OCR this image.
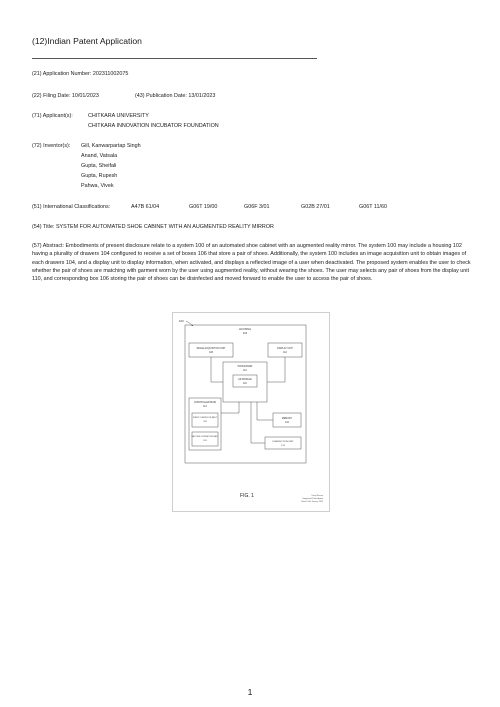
(12)Indian Patent Application
(21) Application Number: 202311002075
(22) Filing Date: 10/01/2023	(43) Publication Date: 13/01/2023
(71) Applicant(s):	CHITKARA UNIVERSITY
CHITKARA INNOVATION INCUBATOR FOUNDATION
(72) Inventor(s): Gill, Kanwarpartap Singh
Anand, Vatsala
Gupta, Sheifali
Gupta, Rupesh
Pahwa, Vivek
(51) International Classifications:	A47B 61/04	G06T 19/00	G06F 3/01	G02B 27/01	G06T 11/60
(54) Title: SYSTEM FOR AUTOMATED SHOE CABINET WITH AN AUGMENTED REALITY MIRROR
(57) Abstract: Embodiments of present disclosure relate to a system 100 of an automated shoe cabinet with an augmented reality mirror. The system 100 may include a housing 102 having a plurality of drawers 104 configured to receive a set of boxes 106 that store a pair of shoes. Additionally, the system 100 includes an image acquisition unit to obtain images of each drawers 104, and a display unit to display information, when activated, and displays a reflected image of a user when deactivated. The proposed system enables the user to check whether the pair of shoes are matching with garment worn by the user using augmented reality, without wearing the shoes. The user may selects any pair of shoes from the display unit 110, and corresponding box 106 storing the pair of shoes can be disinfected and moved forward to enable the user to access the pair of shoes.
100
HOUSING
102
IMAGE ACQUISITION UNIT
108
DISPLAY UNIT
110
PROCESSOR
112
AR MODULE
116
CONTROLLER MAIN
114
FIRST CONVEYOR BELT
118
SECOND CONVEYOR BELT
120
MEMORY
122
DISINFECTION UNIT
124
FIG. 1	Tanuj Sharma
Registered Patent Agent
Dated: 10th January 2023
1
